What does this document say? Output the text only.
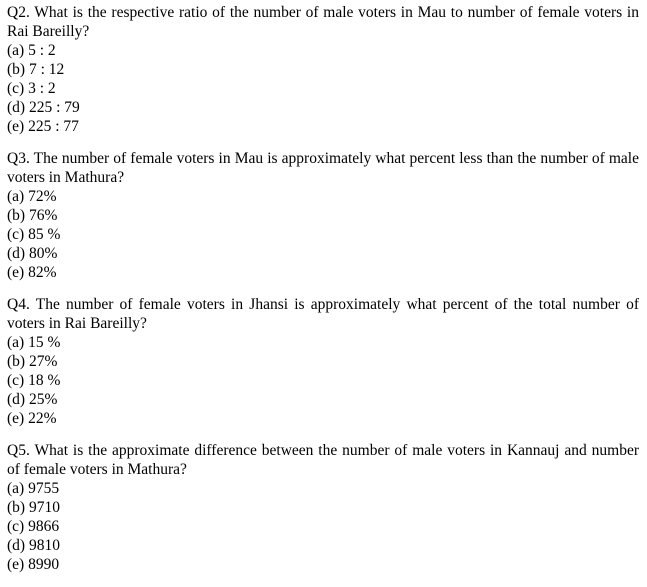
Q2. What is the respective ratio of the number of male voters in Mau to number of female voters in Rai Bareilly?

(a) 5 : 2
(b) 7 : 12
(c) 3 : 2
(d) 225 : 79
(e) 225 : 77

Q3. The number of female voters in Mau is approximately what percent less than the number of male voters in Mathura?

(a) 72%
(b) 76%
(c) 85 %
(d) 80%
(e) 82%

Q4. The number of female voters in Jhansi is approximately what percent of the total number of voters in Rai Bareilly?

(a) 15 %
(b) 27%
(c) 18 %
(d) 25%
(e) 22%

Q5. What is the approximate difference between the number of male voters in Kannauj and number of female voters in Mathura?

(a) 9755
(b) 9710
(c) 9866
(d) 9810
(e) 8990
